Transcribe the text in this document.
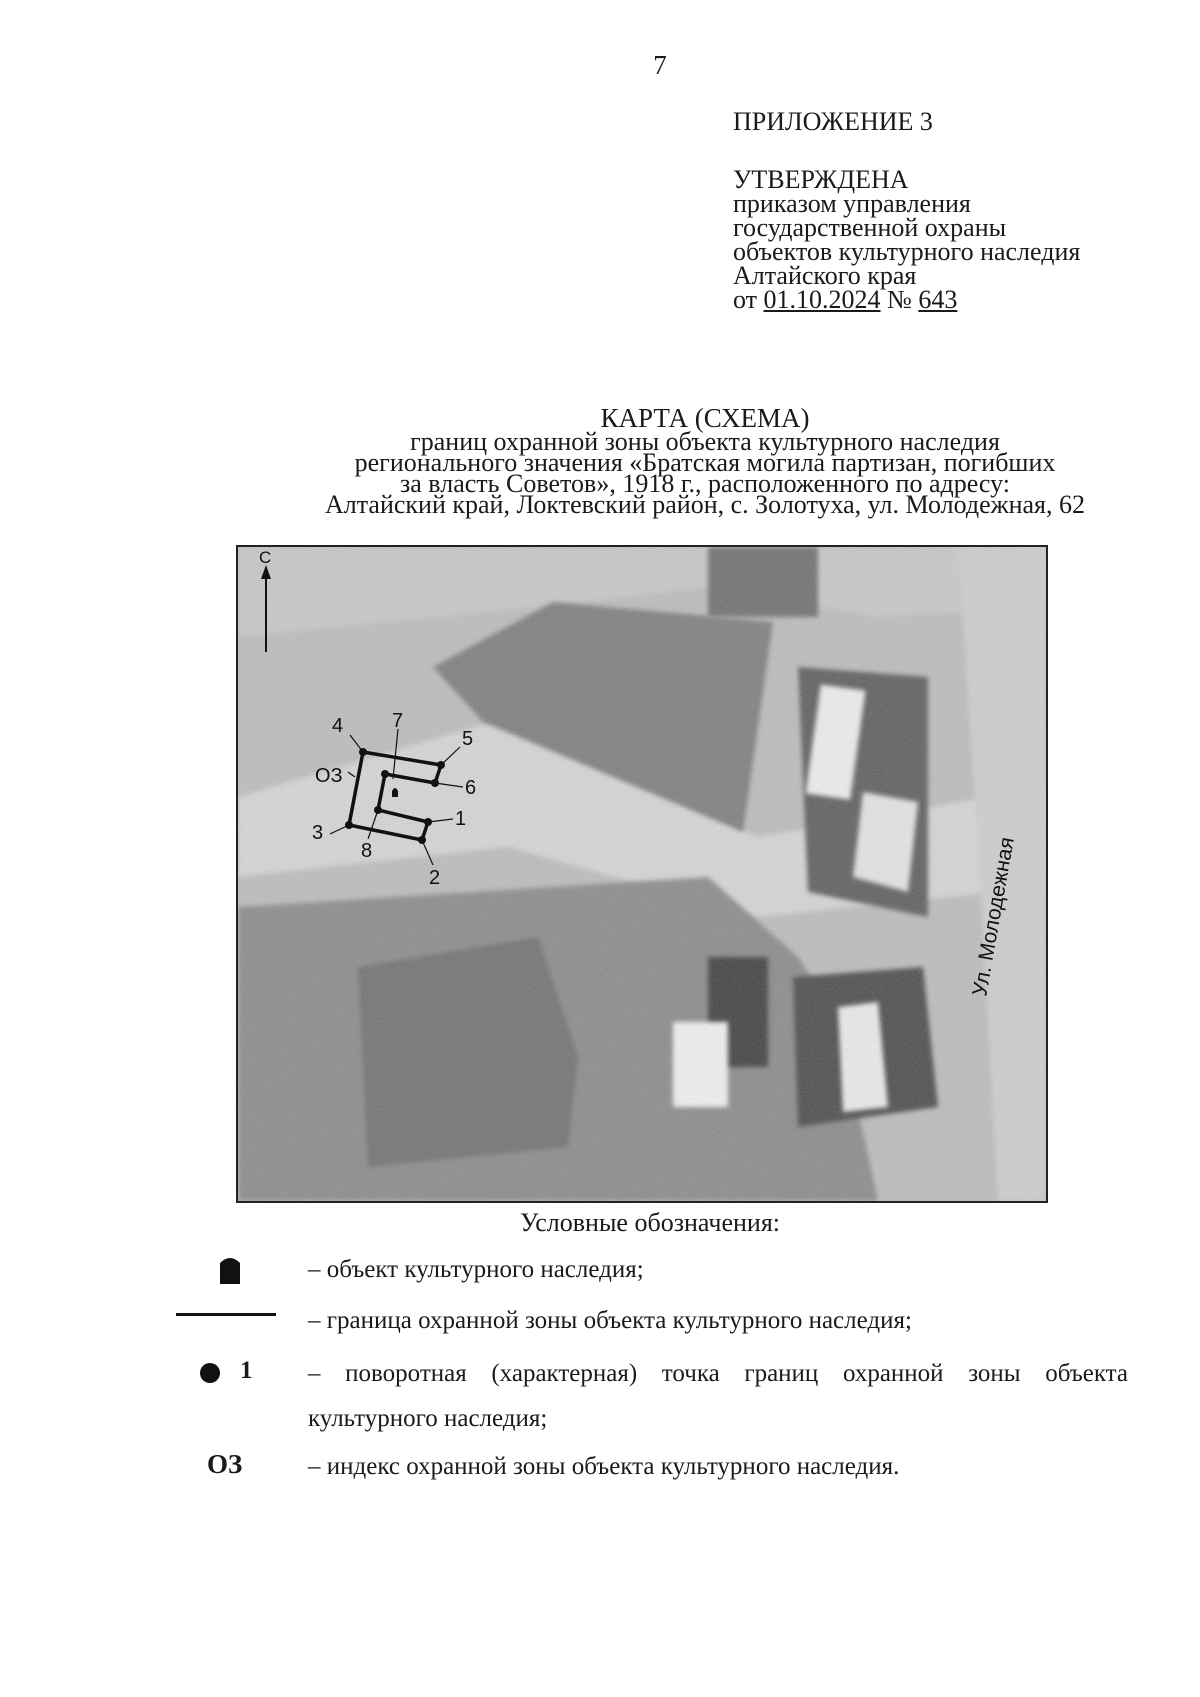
7
ПРИЛОЖЕНИЕ 3
УТВЕРЖДЕНА
приказом управления
государственной охраны
объектов культурного наследия
Алтайского края
от 01.10.2024 № 643
КАРТА (СХЕМА)
границ охранной зоны объекта культурного наследия
регионального значения «Братская могила партизан, погибших
за власть Советов», 1918 г., расположенного по адресу:
Алтайский край, Локтевский район, с. Золотуха, ул. Молодежная, 62
С
4 7
5
6
1
2
3
8
ОЗ
Ул. Молодежная
Условные обозначения:
– объект культурного наследия;
– граница охранной зоны объекта культурного наследия;
1 – поворотная (характерная) точка границ охранной зоны объекта
культурного наследия;
ОЗ	– индекс охранной зоны объекта культурного наследия.
